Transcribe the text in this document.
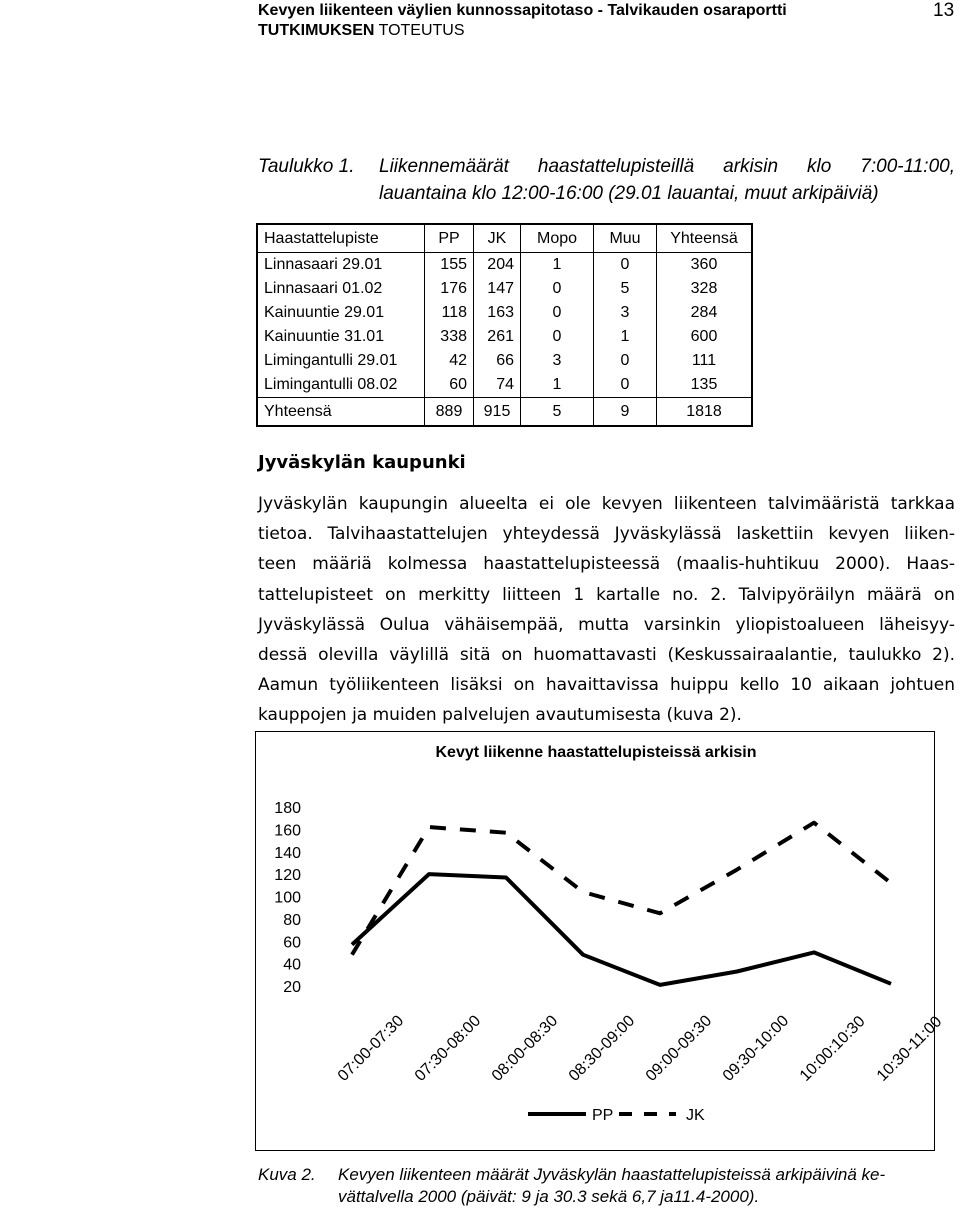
Kevyen liikenteen väylien kunnossapitotaso - Talvikauden osaraportti
TUTKIMUKSEN TOTEUTUS
13
Taulukko 1. Liikennemäärät haastattelupisteillä arkisin klo 7:00-11:00,
lauantaina klo 12:00-16:00 (29.01 lauantai, muut arkipäiviä)
Haastattelupiste	PP	JK	Mopo	Muu	Yhteensä
Linnasaari 29.01	155	204	1	0	360
Linnasaari 01.02	176	147	0	5	328
Kainuuntie 29.01	118	163	0	3	284
Kainuuntie 31.01	338	261	0	1	600
Limingantulli 29.01	42	66	3	0	111
Limingantulli 08.02	60	74	1	0	135
Yhteensä	889	915	5	9	1818
Jyväskylän kaupunki
Jyväskylän kaupungin alueelta ei ole kevyen liikenteen talvimääristä tarkkaa
tietoa. Talvihaastattelujen yhteydessä Jyväskylässä laskettiin kevyen liiken-
teen määriä kolmessa haastattelupisteessä (maalis-huhtikuu 2000). Haas-
tattelupisteet on merkitty liitteen 1 kartalle no. 2. Talvipyöräilyn määrä on
Jyväskylässä Oulua vähäisempää, mutta varsinkin yliopistoalueen läheisyy-
dessä olevilla väylillä sitä on huomattavasti (Keskussairaalantie, taulukko 2).
Aamun työliikenteen lisäksi on havaittavissa huippu kello 10 aikaan johtuen
kauppojen ja muiden palvelujen avautumisesta (kuva 2).
Kevyt liikenne haastattelupisteissä arkisin
180
160
140
120
100
80
60
40
20
07:00-07:30 07:30-08:00 08:00-08:30 08:30-09:00 09:00-09:30 09:30-10:00 10:00:10:30 10:30-11:00
PP	JK
Kuva 2. Kevyen liikenteen määrät Jyväskylän haastattelupisteissä arkipäivinä ke-
vättalvella 2000 (päivät: 9 ja 30.3 sekä 6,7 ja11.4-2000).
